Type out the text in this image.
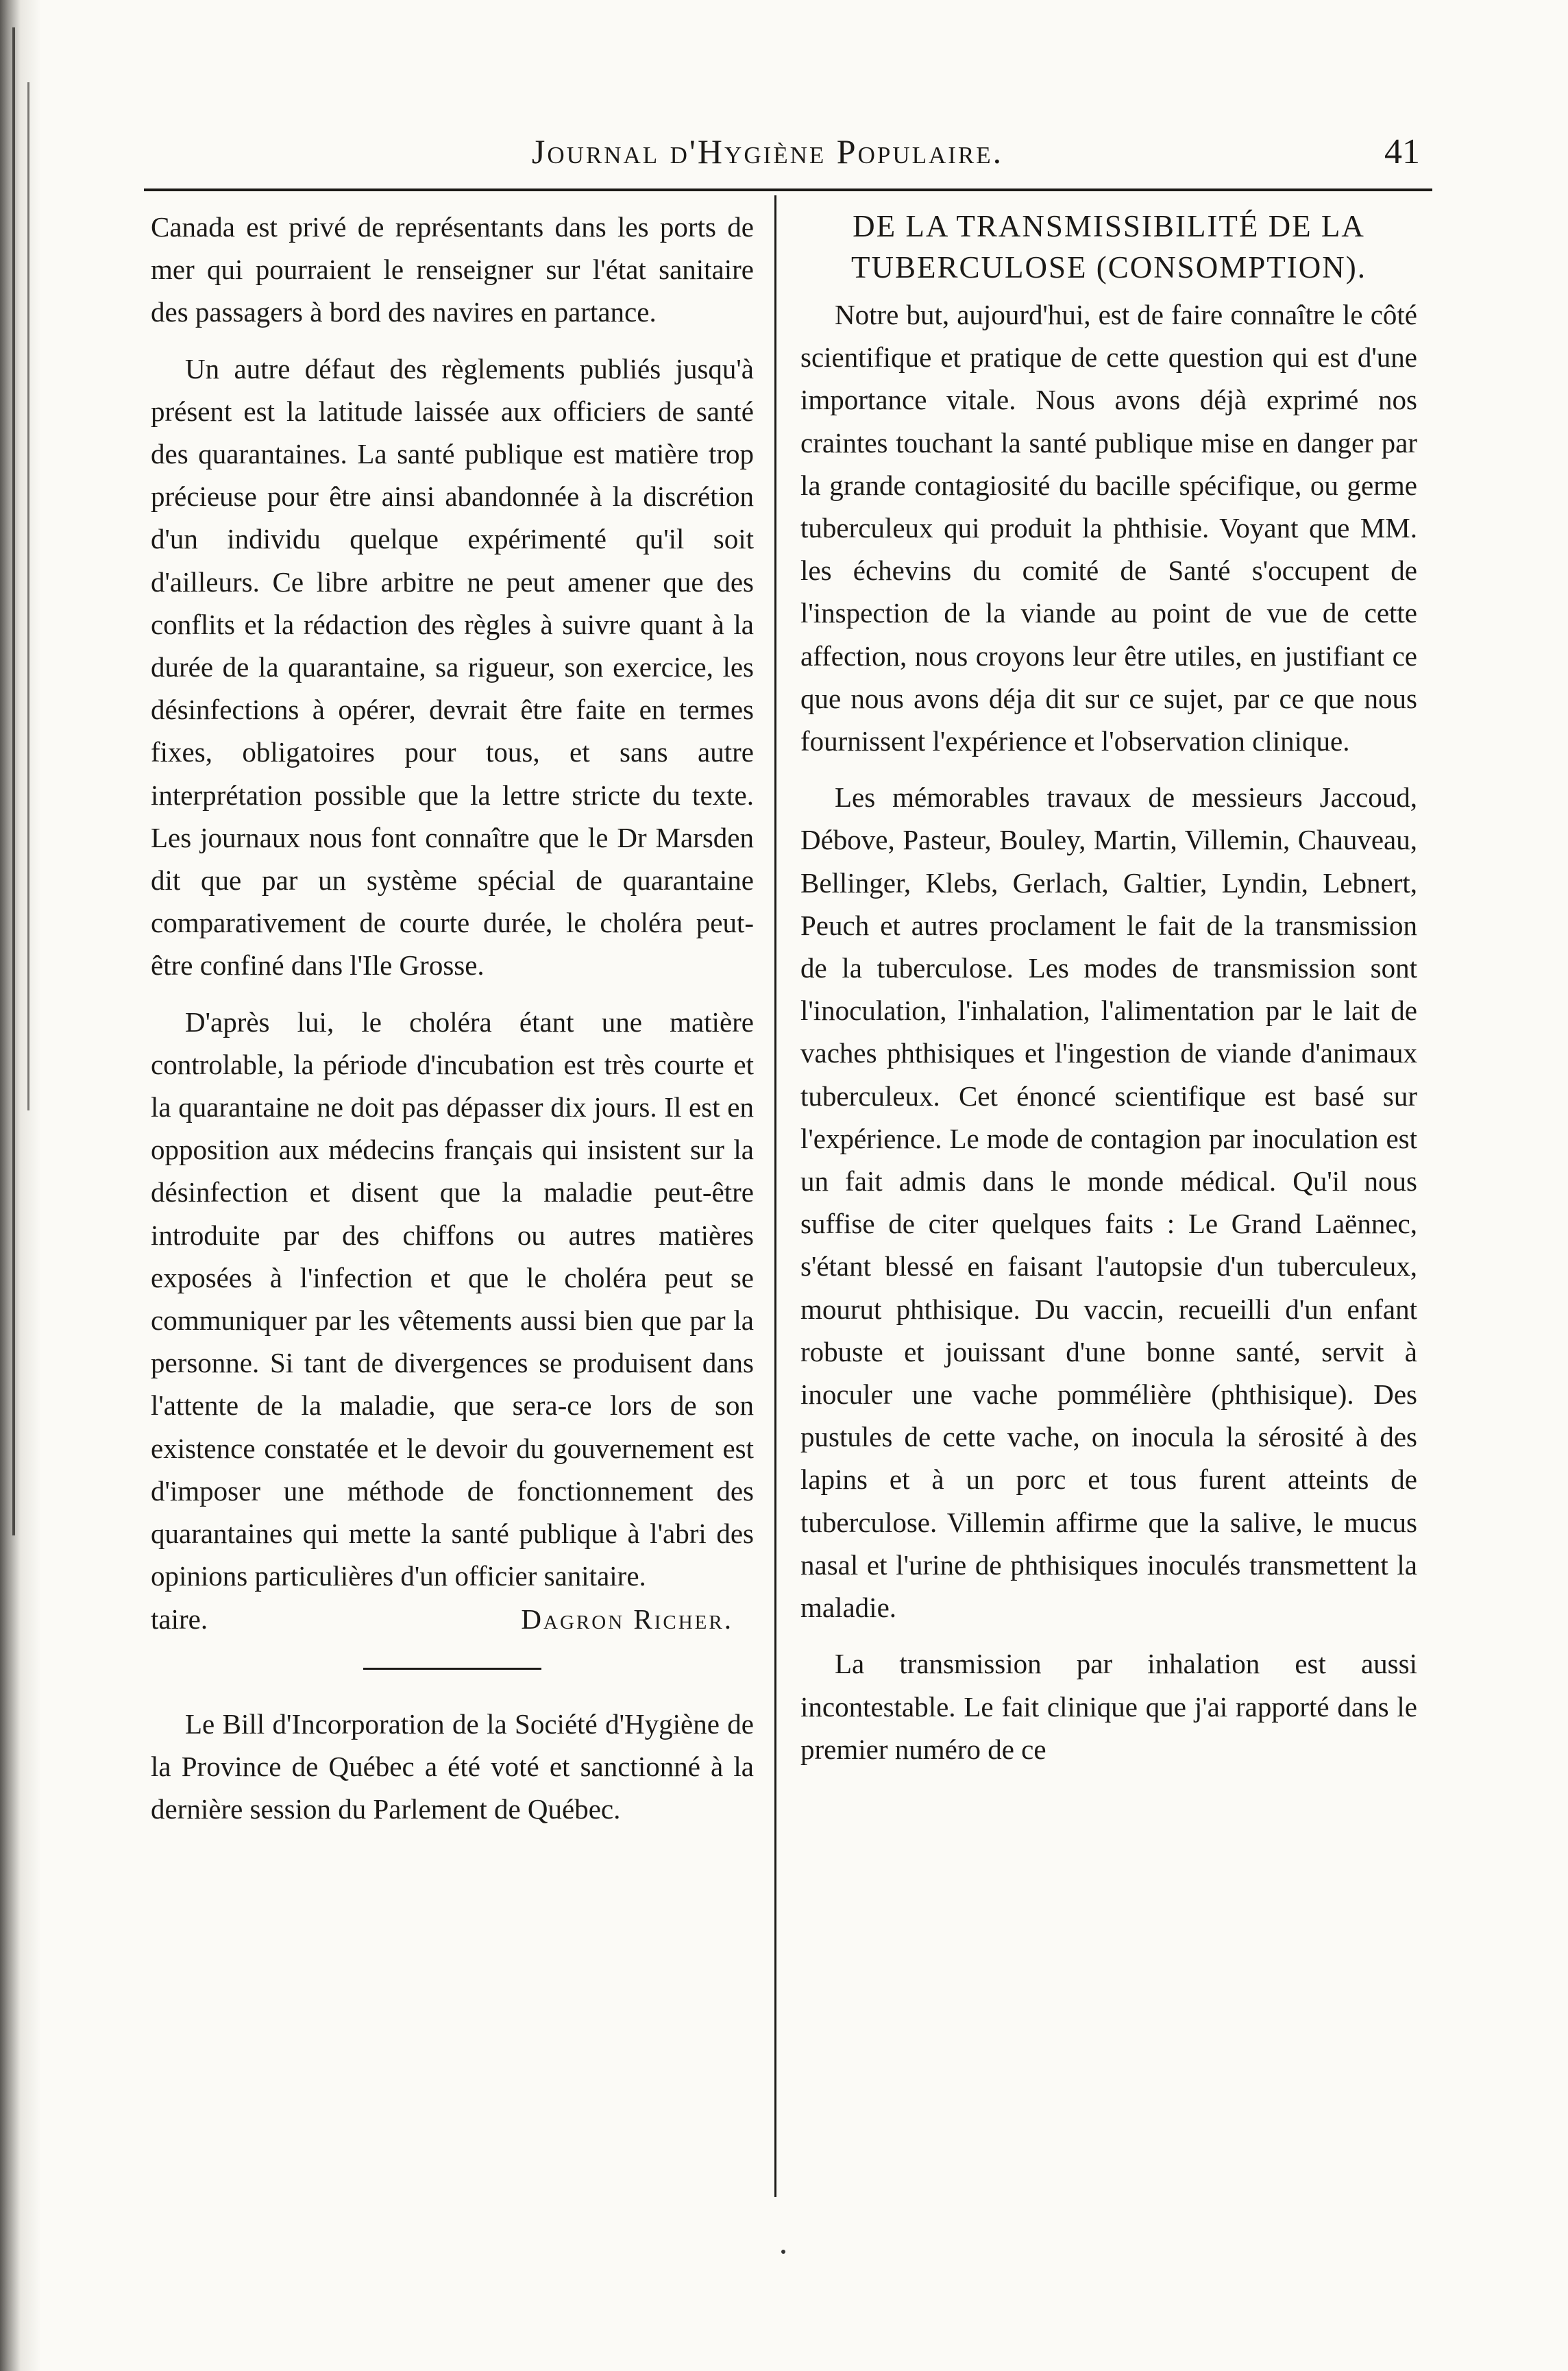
Journal d'Hygiène Populaire.	41

Canada est privé de représentants dans les ports de mer qui pourraient le renseigner sur l'état sanitaire des passagers à bord des navires en partance.

Un autre défaut des règlements publiés jusqu'à présent est la latitude laissée aux officiers de santé des quarantaines. La santé publique est matière trop précieuse pour être ainsi abandonnée à la discrétion d'un individu quelque expérimenté qu'il soit d'ailleurs. Ce libre arbitre ne peut amener que des conflits et la rédaction des règles à suivre quant à la durée de la quarantaine, sa rigueur, son exercice, les désinfections à opérer, devrait être faite en termes fixes, obligatoires pour tous, et sans autre interprétation possible que la lettre stricte du texte. Les journaux nous font connaître que le Dr Marsden dit que par un système spécial de quarantaine comparativement de courte durée, le choléra peut-être confiné dans l'Ile Grosse.

D'après lui, le choléra étant une matière controlable, la période d'incubation est très courte et la quarantaine ne doit pas dépasser dix jours. Il est en opposition aux médecins français qui insistent sur la désinfection et disent que la maladie peut-être introduite par des chiffons ou autres matières exposées à l'infection et que le choléra peut se communiquer par les vêtements aussi bien que par la personne. Si tant de divergences se produisent dans l'attente de la maladie, que sera-ce lors de son existence constatée et le devoir du gouvernement est d'imposer une méthode de fonctionnement des quarantaines qui mette la santé publique à l'abri des opinions particulières d'un officier sanitaire.

taire.	Dagron Richer.

Le Bill d'Incorporation de la Société d'Hygiène de la Province de Québec a été voté et sanctionné à la dernière session du Parlement de Québec.

DE LA TRANSMISSIBILITÉ DE LA TUBERCULOSE (CONSOMPTION).

Notre but, aujourd'hui, est de faire connaître le côté scientifique et pratique de cette question qui est d'une importance vitale. Nous avons déjà exprimé nos craintes touchant la santé publique mise en danger par la grande contagiosité du bacille spécifique, ou germe tuberculeux qui produit la phthisie. Voyant que MM. les échevins du comité de Santé s'occupent de l'inspection de la viande au point de vue de cette affection, nous croyons leur être utiles, en justifiant ce que nous avons déja dit sur ce sujet, par ce que nous fournissent l'expérience et l'observation clinique.

Les mémorables travaux de messieurs Jaccoud, Débove, Pasteur, Bouley, Martin, Villemin, Chauveau, Bellinger, Klebs, Gerlach, Galtier, Lyndin, Lebnert, Peuch et autres proclament le fait de la transmission de la tuberculose. Les modes de transmission sont l'inoculation, l'inhalation, l'alimentation par le lait de vaches phthisiques et l'ingestion de viande d'animaux tuberculeux. Cet énoncé scientifique est basé sur l'expérience. Le mode de contagion par inoculation est un fait admis dans le monde médical. Qu'il nous suffise de citer quelques faits : Le Grand Laënnec, s'étant blessé en faisant l'autopsie d'un tuberculeux, mourut phthisique. Du vaccin, recueilli d'un enfant robuste et jouissant d'une bonne santé, servit à inoculer une vache pommélière (phthisique). Des pustules de cette vache, on inocula la sérosité à des lapins et à un porc et tous furent atteints de tuberculose. Villemin affirme que la salive, le mucus nasal et l'urine de phthisiques inoculés transmettent la maladie.

La transmission par inhalation est aussi incontestable. Le fait clinique que j'ai rapporté dans le premier numéro de ce
